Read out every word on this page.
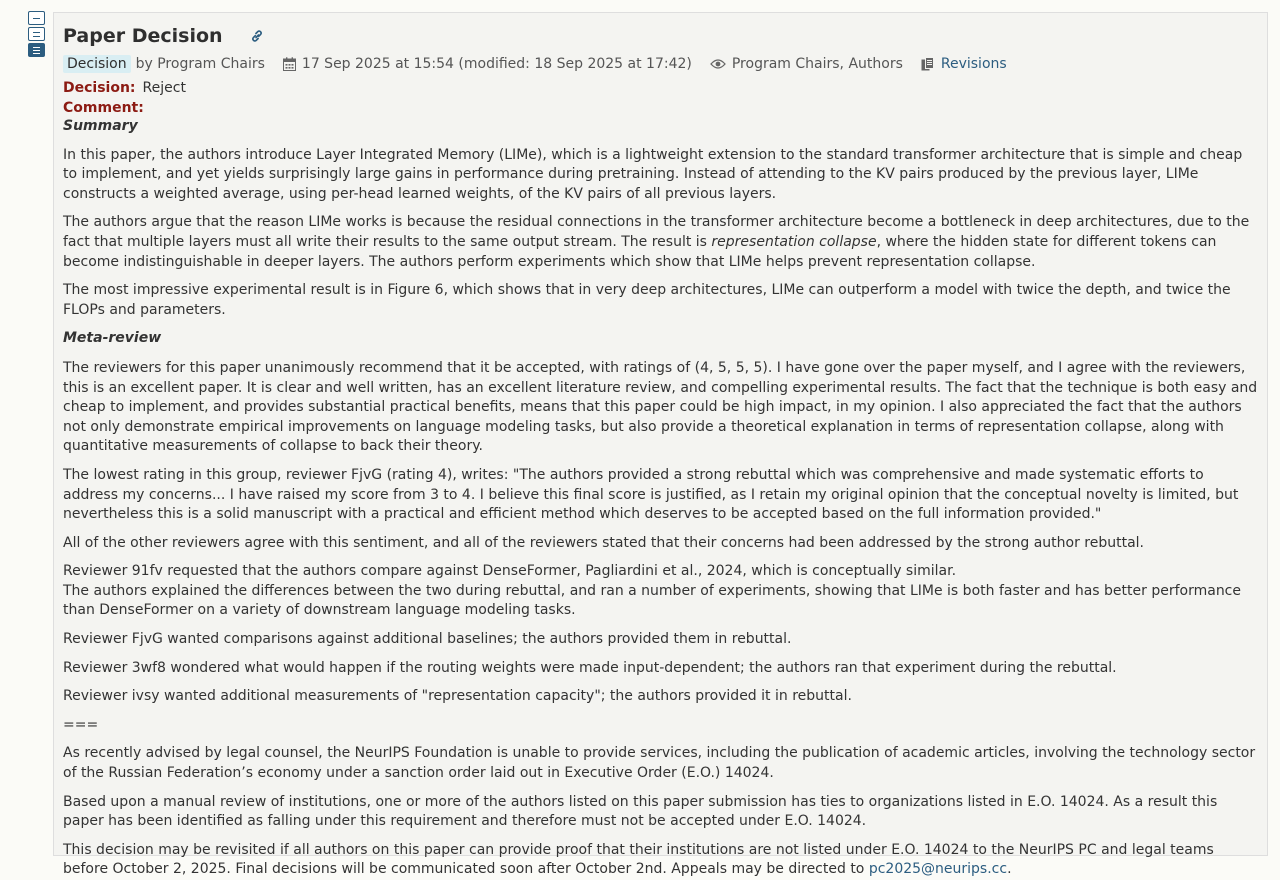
Paper Decision
Decision by Program Chairs	17 Sep 2025 at 15:54 (modified: 18 Sep 2025 at 17:42)	Program Chairs, Authors	Revisions
Decision: Reject
Comment:

Summary

In this paper, the authors introduce Layer Integrated Memory (LIMe), which is a lightweight extension to the standard transformer architecture that is simple and cheap to implement, and yet yields surprisingly large gains in performance during pretraining. Instead of attending to the KV pairs produced by the previous layer, LIMe constructs a weighted average, using per-head learned weights, of the KV pairs of all previous layers.

The authors argue that the reason LIMe works is because the residual connections in the transformer architecture become a bottleneck in deep architectures, due to the fact that multiple layers must all write their results to the same output stream. The result is representation collapse, where the hidden state for different tokens can become indistinguishable in deeper layers. The authors perform experiments which show that LIMe helps prevent representation collapse.

The most impressive experimental result is in Figure 6, which shows that in very deep architectures, LIMe can outperform a model with twice the depth, and twice the FLOPs and parameters.

Meta-review

The reviewers for this paper unanimously recommend that it be accepted, with ratings of (4, 5, 5, 5). I have gone over the paper myself, and I agree with the reviewers, this is an excellent paper. It is clear and well written, has an excellent literature review, and compelling experimental results. The fact that the technique is both easy and cheap to implement, and provides substantial practical benefits, means that this paper could be high impact, in my opinion. I also appreciated the fact that the authors not only demonstrate empirical improvements on language modeling tasks, but also provide a theoretical explanation in terms of representation collapse, along with quantitative measurements of collapse to back their theory.

The lowest rating in this group, reviewer FjvG (rating 4), writes: "The authors provided a strong rebuttal which was comprehensive and made systematic efforts to address my concerns... I have raised my score from 3 to 4. I believe this final score is justified, as I retain my original opinion that the conceptual novelty is limited, but nevertheless this is a solid manuscript with a practical and efficient method which deserves to be accepted based on the full information provided."

All of the other reviewers agree with this sentiment, and all of the reviewers stated that their concerns had been addressed by the strong author rebuttal.

Reviewer 91fv requested that the authors compare against DenseFormer, Pagliardini et al., 2024, which is conceptually similar.
The authors explained the differences between the two during rebuttal, and ran a number of experiments, showing that LIMe is both faster and has better performance than DenseFormer on a variety of downstream language modeling tasks.

Reviewer FjvG wanted comparisons against additional baselines; the authors provided them in rebuttal.

Reviewer 3wf8 wondered what would happen if the routing weights were made input-dependent; the authors ran that experiment during the rebuttal.

Reviewer ivsy wanted additional measurements of "representation capacity"; the authors provided it in rebuttal.

===

As recently advised by legal counsel, the NeurIPS Foundation is unable to provide services, including the publication of academic articles, involving the technology sector of the Russian Federation’s economy under a sanction order laid out in Executive Order (E.O.) 14024.

Based upon a manual review of institutions, one or more of the authors listed on this paper submission has ties to organizations listed in E.O. 14024. As a result this paper has been identified as falling under this requirement and therefore must not be accepted under E.O. 14024.

This decision may be revisited if all authors on this paper can provide proof that their institutions are not listed under E.O. 14024 to the NeurIPS PC and legal teams before October 2, 2025. Final decisions will be communicated soon after October 2nd. Appeals may be directed to pc2025@neurips.cc.
